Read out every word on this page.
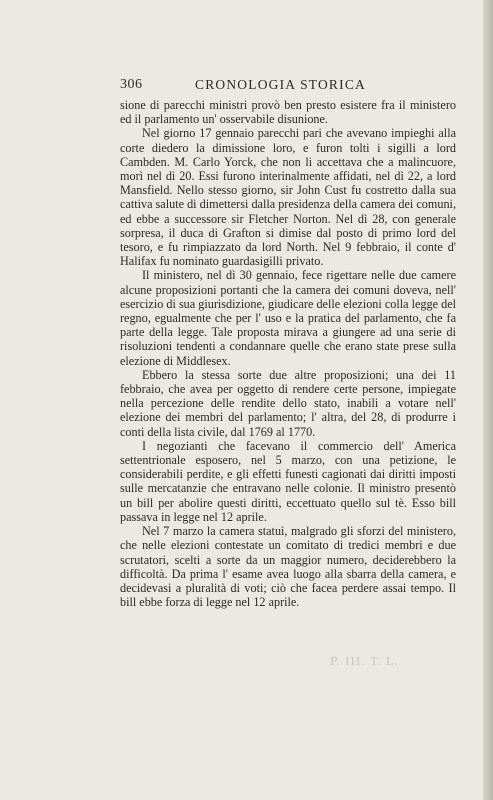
306	CRONOLOGIA STORICA

sione di parecchi ministri provò ben presto esistere fra il ministero ed il parlamento un' osservabile disunione.

Nel giorno 17 gennaio parecchi pari che avevano impieghi alla corte diedero la dimissione loro, e furon tolti i sigilli a lord Cambden. M. Carlo Yorck, che non li accettava che a malincuore, morì nel dì 20. Essi furono interinalmente affidati, nel dì 22, a lord Mansfield. Nello stesso giorno, sir John Cust fu costretto dalla sua cattiva salute di dimettersi dalla presidenza della camera dei comuni, ed ebbe a successore sir Fletcher Norton. Nel dì 28, con generale sorpresa, il duca di Grafton si dimise dal posto di primo lord del tesoro, e fu rimpiazzato da lord North. Nel 9 febbraio, il conte d' Halifax fu nominato guardasigilli privato.

Il ministero, nel dì 30 gennaio, fece rigettare nelle due camere alcune proposizioni portanti che la camera dei comuni doveva, nell' esercizio di sua giurisdizione, giudicare delle elezioni colla legge del regno, egualmente che per l' uso e la pratica del parlamento, che fa parte della legge. Tale proposta mirava a giungere ad una serie di risoluzioni tendenti a condannare quelle che erano state prese sulla elezione di Middlesex.

Ebbero la stessa sorte due altre proposizioni; una dei 11 febbraio, che avea per oggetto di rendere certe persone, impiegate nella percezione delle rendite dello stato, inabili a votare nell' elezione dei membri del parlamento; l' altra, del 28, di produrre i conti della lista civile, dal 1769 al 1770.

I negozianti che facevano il commercio dell' America settentrionale esposero, nel 5 marzo, con una petizione, le considerabili perdite, e gli effetti funesti cagionati dai diritti imposti sulle mercatanzie che entravano nelle colonie. Il ministro presentò un bill per abolire questi diritti, eccettuato quello sul tè. Esso bill passava in legge nel 12 aprile.

Nel 7 marzo la camera statuì, malgrado gli sforzi del ministero, che nelle elezioni contestate un comitato di tredici membri e due scrutatori, scelti a sorte da un maggior numero, deciderebbero la difficoltà. Da prima l' esame avea luogo alla sbarra della camera, e decidevasi a pluralità di voti; ciò che facea perdere assai tempo. Il bill ebbe forza di legge nel 12 aprile.

P. III. T. L.
